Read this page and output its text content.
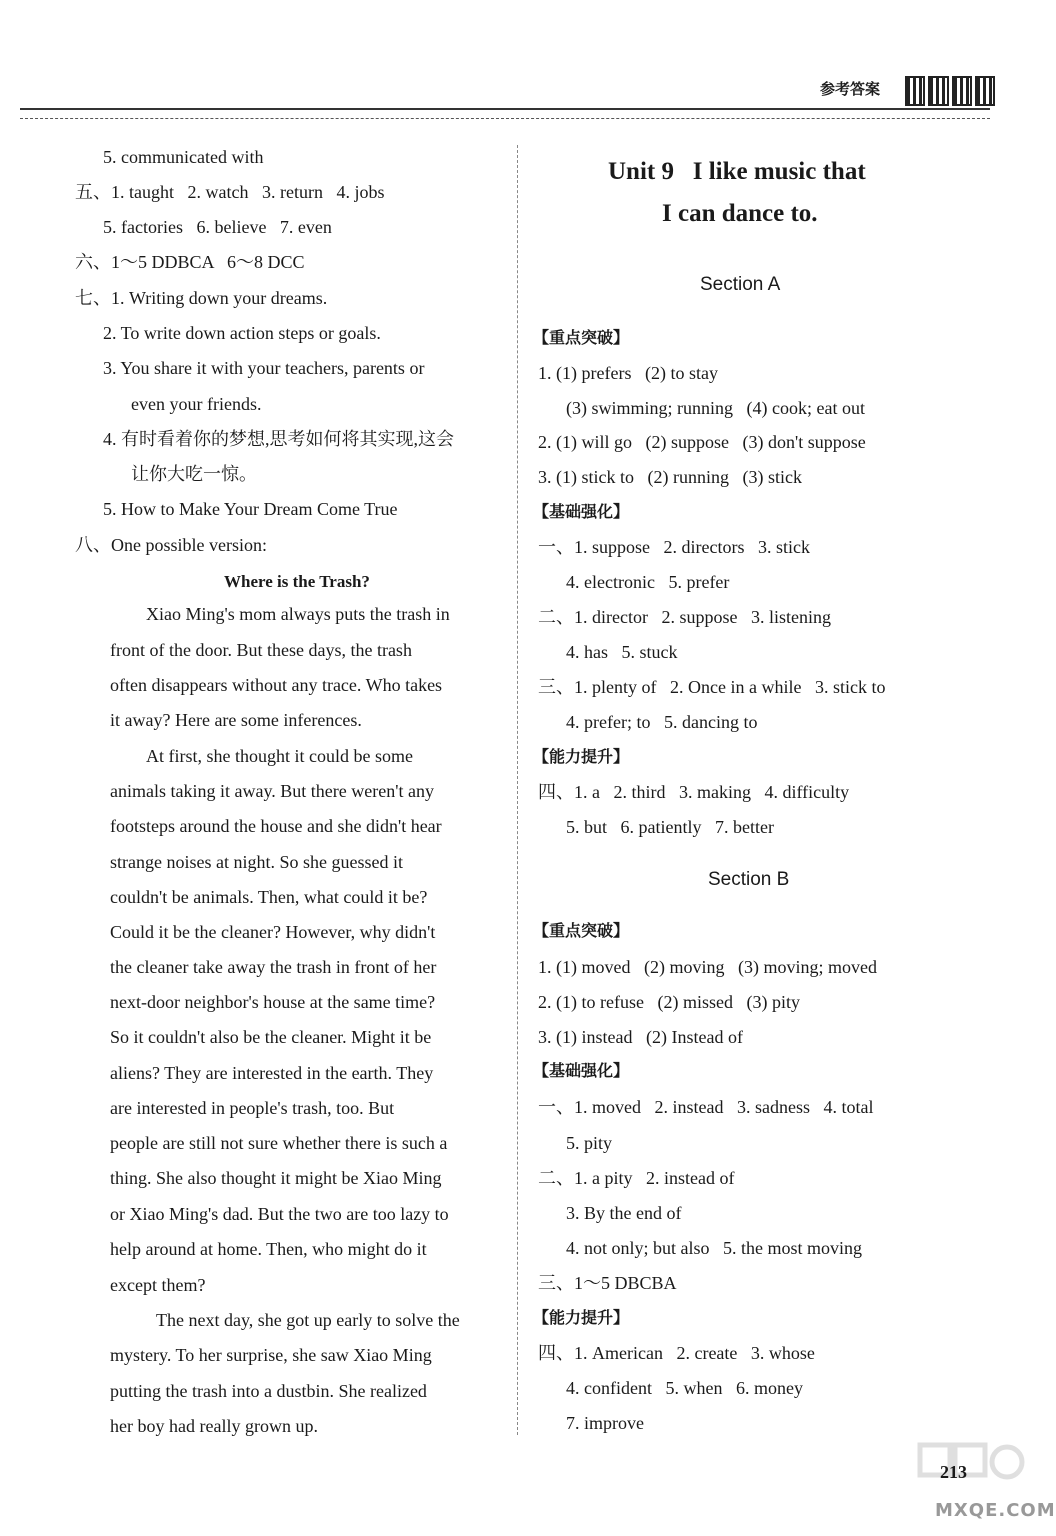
参考答案
5. communicated with
五、1. taught   2. watch   3. return   4. jobs
5. factories   6. believe   7. even
六、1～5 DDBCA   6～8 DCC
七、1. Writing down your dreams.
2. To write down action steps or goals.
3. You share it with your teachers, parents or
even your friends.
4. 有时看着你的梦想,思考如何将其实现,这会
让你大吃一惊。
5. How to Make Your Dream Come True
八、One possible version:
Xiao Ming's mom always puts the trash in
front of the door. But these days, the trash
often disappears without any trace. Who takes
it away? Here are some inferences.
At first, she thought it could be some
animals taking it away. But there weren't any
footsteps around the house and she didn't hear
strange noises at night. So she guessed it
couldn't be animals. Then, what could it be?
Could it be the cleaner? However, why didn't
the cleaner take away the trash in front of her
next-door neighbor's house at the same time?
So it couldn't also be the cleaner. Might it be
aliens? They are interested in the earth. They
are interested in people's trash, too. But
people are still not sure whether there is such a
thing. She also thought it might be Xiao Ming
or Xiao Ming's dad. But the two are too lazy to
help around at home. Then, who might do it
except them?
The next day, she got up early to solve the
mystery. To her surprise, she saw Xiao Ming
putting the trash into a dustbin. She realized
her boy had really grown up.
Where is the Trash?
Unit 9   I like music that
I can dance to.
Section A
Section B
【重点突破】
1. (1) prefers   (2) to stay
(3) swimming; running   (4) cook; eat out
2. (1) will go   (2) suppose   (3) don't suppose
3. (1) stick to   (2) running   (3) stick
【基础强化】
一、1. suppose   2. directors   3. stick
4. electronic   5. prefer
二、1. director   2. suppose   3. listening
4. has   5. stuck
三、1. plenty of   2. Once in a while   3. stick to
4. prefer; to   5. dancing to
【能力提升】
四、1. a   2. third   3. making   4. difficulty
5. but   6. patiently   7. better
【重点突破】
1. (1) moved   (2) moving   (3) moving; moved
2. (1) to refuse   (2) missed   (3) pity
3. (1) instead   (2) Instead of
【基础强化】
一、1. moved   2. instead   3. sadness   4. total
5. pity
二、1. a pity   2. instead of
3. By the end of
4. not only; but also   5. the most moving
三、1～5 DBCBA
【能力提升】
四、1. American   2. create   3. whose
4. confident   5. when   6. money
7. improve
213
MXQE.COM
